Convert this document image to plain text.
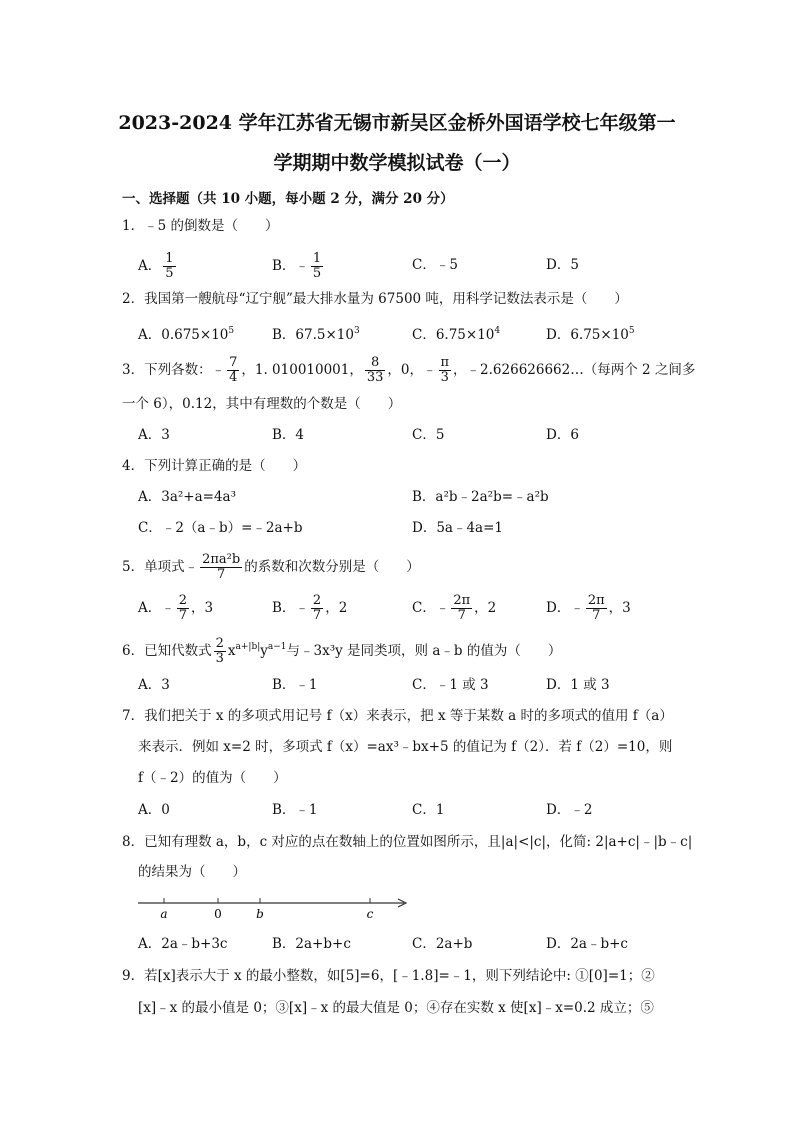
2023-2024 学年江苏省无锡市新吴区金桥外国语学校七年级第一
学期期中数学模拟试卷（一）
一、选择题（共 10 小题，每小题 2 分，满分 20 分）
1．﹣5 的倒数是（　　）
A． $\frac{1}{5}$	B．﹣ $\frac{1}{5}$	C．﹣5	D．5
2．我国第一艘航母“辽宁舰”最大排水量为 67500 吨，用科学记数法表示是（　　）
A．$0.675\times 10^5$	B．$67.5\times 10^3$	C．$6.75\times 10^4$	D．$6.75\times 10^5$
3．下列各数：﹣ $\frac{7}{4}$ ，1. 010010001， $\frac{8}{33}$ ，0，﹣ $\frac{\pi}{3}$ ，﹣2.626626662…（每两个 2 之间多
一个 6），0.12，其中有理数的个数是（　　）
A．3	B．4	C．5	D．6
4．下列计算正确的是（　　）
A．3a²+a=4a³	B．a²b﹣2a²b=﹣a²b
C．﹣2（a﹣b）=﹣2a+b	D．5a﹣4a=1
5．单项式﹣ $\frac{\text{2πa²b}}{7}$ 的系数和次数分别是（　　）
A．﹣ $\frac{2}{7}$ ，3	B．﹣ $\frac{2}{7}$ ，2	C．﹣ $\frac{2\pi}{7}$ ，2	D．﹣ $\frac{2\pi}{7}$ ，3
6．已知代数式 $\frac{2}{3} x^{a+|b|}y^{a-1}$与﹣3x³y 是同类项，则 a﹣b 的值为（　　）
A．3	B．﹣1	C．﹣1 或 3	D．1 或 3
7．我们把关于 x 的多项式用记号 f（x）来表示，把 x 等于某数 a 时的多项式的值用 f（a）
来表示．例如 x=2 时，多项式 f（x）=ax³﹣bx+5 的值记为 f（2）．若 f（2）=10，则
f（﹣2）的值为（　　）
A．0	B．﹣1	C．1	D．﹣2
8．已知有理数 a，b，c 对应的点在数轴上的位置如图所示，且|a|<|c|，化简: 2|a+c|﹣|b﹣c|
的结果为（　　）
a	0	b	c
A．2a﹣b+3c	B．2a+b+c	C．2a+b	D．2a﹣b+c
9．若[x]表示大于 x 的最小整数，如[5]=6，[﹣1.8]=﹣1，则下列结论中: ①[0]=1；②
[x]﹣x 的最小值是 0；③[x]﹣x 的最大值是 0；④存在实数 x 使[x]﹣x=0.2 成立；⑤
